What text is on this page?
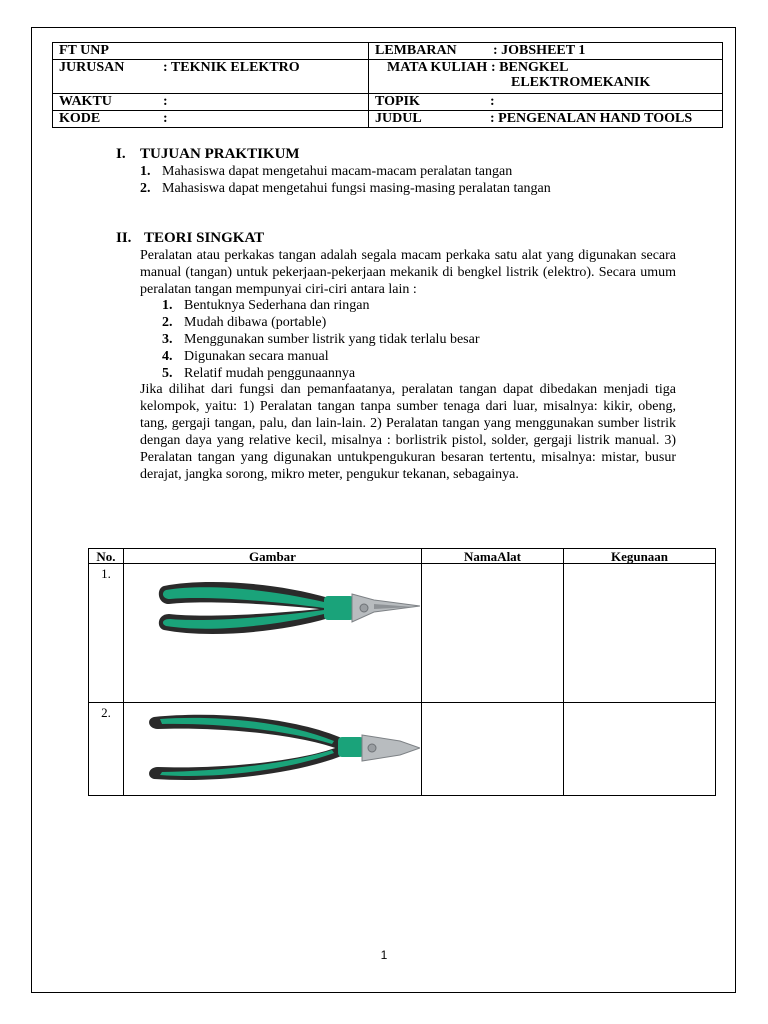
FT UNP	LEMBARAN : JOBSHEET 1
JURUSAN : TEKNIK ELEKTRO	MATA KULIAH : BENGKEL
ELEKTROMEKANIK
WAKTU :	TOPIK :
KODE :	JUDUL : PENGENALAN HAND TOOLS
I. TUJUAN PRAKTIKUM
1. Mahasiswa dapat mengetahui macam-macam peralatan tangan
2. Mahasiswa dapat mengetahui fungsi masing-masing peralatan tangan
II. TEORI SINGKAT
Peralatan atau perkakas tangan adalah segala macam perkaka satu alat yang digunakan secara manual (tangan) untuk pekerjaan-pekerjaan mekanik di bengkel listrik (elektro). Secara umum peralatan tangan mempunyai ciri-ciri antara lain :
1. Bentuknya Sederhana dan ringan
2. Mudah dibawa (portable)
3. Menggunakan sumber listrik yang tidak terlalu besar
4. Digunakan secara manual
5. Relatif mudah penggunaannya
Jika dilihat dari fungsi dan pemanfaatanya, peralatan tangan dapat dibedakan menjadi tiga kelompok, yaitu: 1) Peralatan tangan tanpa sumber tenaga dari luar, misalnya: kikir, obeng, tang, gergaji tangan, palu, dan lain-lain. 2) Peralatan tangan yang menggunakan sumber listrik dengan daya yang relative kecil, misalnya : borlistrik pistol, solder, gergaji listrik manual. 3) Peralatan tangan yang digunakan untukpengukuran besaran tertentu, misalnya: mistar, busur derajat, jangka sorong, mikro meter, pengukur tekanan, sebagainya.
No.	Gambar	NamaAlat	Kegunaan
1.			
2.			
1
